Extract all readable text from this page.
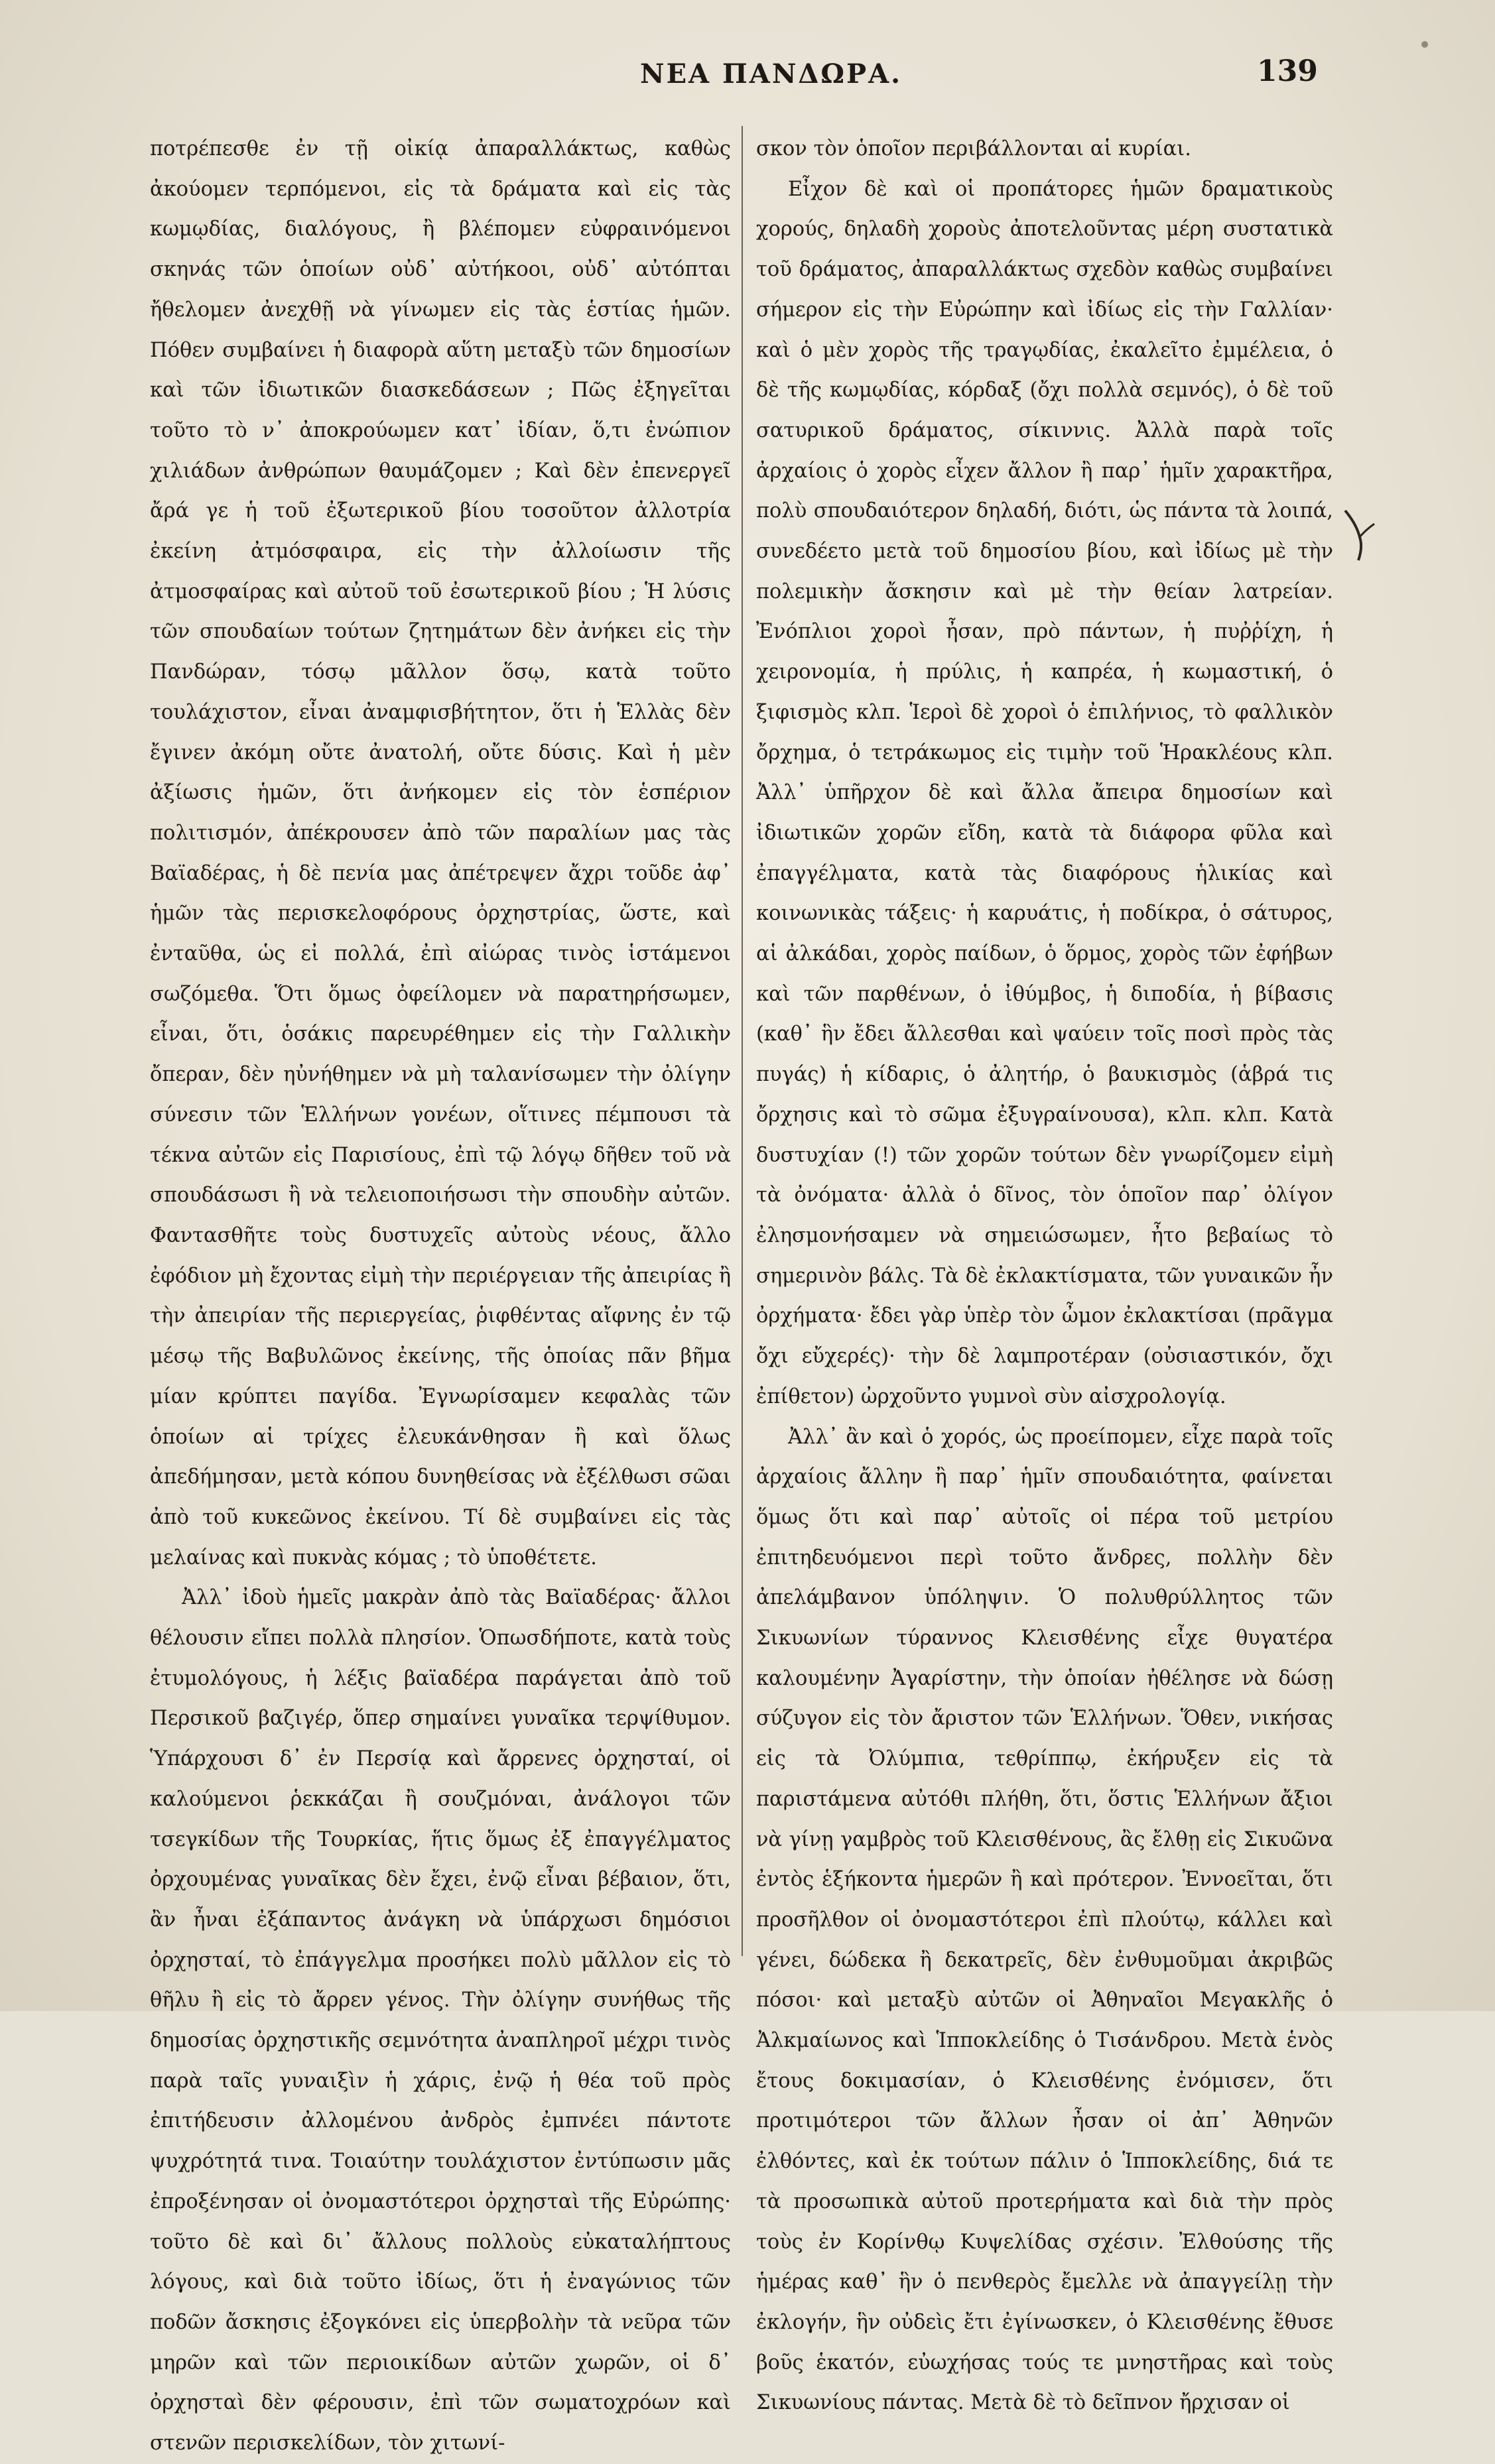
ΝΕΑ ΠΑΝΔΩΡΑ.	139

ποτρέπεσθε ἐν τῇ οἰκίᾳ ἀπαραλλάκτως, καθὼς ἀκούομεν τερπόμενοι, εἰς τὰ δράματα καὶ εἰς τὰς κωμῳδίας, διαλόγους, ἢ βλέπομεν εὐφραινόμενοι σκηνάς τῶν ὁποίων οὐδ᾽ αὐτήκοοι, οὐδ᾽ αὐτόπται ἤθελομεν ἀνεχθῇ νὰ γίνωμεν εἰς τὰς ἑστίας ἡμῶν. Πόθεν συμβαίνει ἡ διαφορὰ αὕτη μεταξὺ τῶν δημοσίων καὶ τῶν ἰδιωτικῶν διασκεδάσεων ; Πῶς ἐξηγεῖται τοῦτο τὸ ν᾽ ἀποκρούωμεν κατ᾽ ἰδίαν, ὅ,τι ἐνώπιον χιλιάδων ἀνθρώπων θαυμάζομεν ; Καὶ δὲν ἐπενεργεῖ ἄρά γε ἡ τοῦ ἐξωτερικοῦ βίου τοσοῦτον ἀλλοτρία ἐκείνη ἀτμόσφαιρα, εἰς τὴν ἀλλοίωσιν τῆς ἀτμοσφαίρας καὶ αὐτοῦ τοῦ ἐσωτερικοῦ βίου ; Ἡ λύσις τῶν σπουδαίων τούτων ζητημάτων δὲν ἀνήκει εἰς τὴν Πανδώραν, τόσῳ μᾶλλον ὅσῳ, κατὰ τοῦτο τουλάχιστον, εἶναι ἀναμφισβήτητον, ὅτι ἡ Ἑλλὰς δὲν ἔγινεν ἀκόμη οὔτε ἀνατολή, οὔτε δύσις. Καὶ ἡ μὲν ἀξίωσις ἡμῶν, ὅτι ἀνήκομεν εἰς τὸν ἑσπέριον πολιτισμόν, ἀπέκρουσεν ἀπὸ τῶν παραλίων μας τὰς Βαϊαδέρας, ἡ δὲ πενία μας ἀπέτρεψεν ἄχρι τοῦδε ἀφ᾽ ἡμῶν τὰς περισκελοφόρους ὀρχηστρίας, ὥστε, καὶ ἐνταῦθα, ὡς εἰ πολλά, ἐπὶ αἰώρας τινὸς ἱστάμενοι σωζόμεθα. Ὅτι ὅμως ὀφείλομεν νὰ παρατηρήσωμεν, εἶναι, ὅτι, ὁσάκις παρευρέθημεν εἰς τὴν Γαλλικὴν ὄπεραν, δὲν ηὐνήθημεν νὰ μὴ ταλανίσωμεν τὴν ὀλίγην σύνεσιν τῶν Ἑλλήνων γονέων, οἵτινες πέμπουσι τὰ τέκνα αὐτῶν εἰς Παρισίους, ἐπὶ τῷ λόγῳ δῆθεν τοῦ νὰ σπουδάσωσι ἢ νὰ τελειοποιήσωσι τὴν σπουδὴν αὐτῶν. Φαντασθῆτε τοὺς δυστυχεῖς αὐτοὺς νέους, ἄλλο ἐφόδιον μὴ ἔχοντας εἰμὴ τὴν περιέργειαν τῆς ἀπειρίας ἢ τὴν ἀπειρίαν τῆς περιεργείας, ῥιφθέντας αἴφνης ἐν τῷ μέσῳ τῆς Βαβυλῶνος ἐκείνης, τῆς ὁποίας πᾶν βῆμα μίαν κρύπτει παγίδα. Ἐγνωρίσαμεν κεφαλὰς τῶν ὁποίων αἱ τρίχες ἐλευκάνθησαν ἢ καὶ ὅλως ἀπεδήμησαν, μετὰ κόπου δυνηθείσας νὰ ἐξέλθωσι σῶαι ἀπὸ τοῦ κυκεῶνος ἐκείνου. Τί δὲ συμβαίνει εἰς τὰς μελαίνας καὶ πυκνὰς κόμας ; τὸ ὑποθέτετε.

Ἀλλ᾽ ἰδοὺ ἡμεῖς μακρὰν ἀπὸ τὰς Βαϊαδέρας· ἄλλοι θέλουσιν εἴπει πολλὰ πλησίον. Ὁπωσδήποτε, κατὰ τοὺς ἐτυμολόγους, ἡ λέξις βαϊαδέρα παράγεται ἀπὸ τοῦ Περσικοῦ βαζιγέρ, ὅπερ σημαίνει γυναῖκα τερψίθυμον. Ὑπάρχουσι δ᾽ ἐν Περσίᾳ καὶ ἄρρενες ὀρχησταί, οἱ καλούμενοι ῥεκκάζαι ἢ σουζμόναι, ἀνάλογοι τῶν τσεγκίδων τῆς Τουρκίας, ἥτις ὅμως ἐξ ἐπαγγέλματος ὀρχουμένας γυναῖκας δὲν ἔχει, ἐνῷ εἶναι βέβαιον, ὅτι, ἂν ἦναι ἐξάπαντος ἀνάγκη νὰ ὑπάρχωσι δημόσιοι ὀρχησταί, τὸ ἐπάγγελμα προσήκει πολὺ μᾶλλον εἰς τὸ θῆλυ ἢ εἰς τὸ ἄρρεν γένος. Τὴν ὀλίγην συνήθως τῆς δημοσίας ὀρχηστικῆς σεμνότητα ἀναπληροῖ μέχρι τινὸς παρὰ ταῖς γυναιξὶν ἡ χάρις, ἐνῷ ἡ θέα τοῦ πρὸς ἐπιτήδευσιν ἀλλομένου ἀνδρὸς ἐμπνέει πάντοτε ψυχρότητά τινα. Τοιαύτην τουλάχιστον ἐντύπωσιν μᾶς ἐπροξένησαν οἱ ὀνομαστότεροι ὀρχησταὶ τῆς Εὐρώπης· τοῦτο δὲ καὶ δι᾽ ἄλλους πολλοὺς εὐκαταλήπτους λόγους, καὶ διὰ τοῦτο ἰδίως, ὅτι ἡ ἐναγώνιος τῶν ποδῶν ἄσκησις ἐξογκόνει εἰς ὑπερβολὴν τὰ νεῦρα τῶν μηρῶν καὶ τῶν περιοικίδων αὐτῶν χωρῶν, οἱ δ᾽ ὀρχησταὶ δὲν φέρουσιν, ἐπὶ τῶν σωματοχρόων καὶ στενῶν περισκελίδων, τὸν χιτωνί-

σκον τὸν ὁποῖον περιβάλλονται αἱ κυρίαι.

Εἶχον δὲ καὶ οἱ προπάτορες ἡμῶν δραματικοὺς χορούς, δηλαδὴ χοροὺς ἀποτελοῦντας μέρη συστατικὰ τοῦ δράματος, ἀπαραλλάκτως σχεδὸν καθὼς συμβαίνει σήμερον εἰς τὴν Εὐρώπην καὶ ἰδίως εἰς τὴν Γαλλίαν· καὶ ὁ μὲν χορὸς τῆς τραγῳδίας, ἐκαλεῖτο ἐμμέλεια, ὁ δὲ τῆς κωμῳδίας, κόρδαξ (ὄχι πολλὰ σεμνός), ὁ δὲ τοῦ σατυρικοῦ δράματος, σίκιννις. Ἀλλὰ παρὰ τοῖς ἀρχαίοις ὁ χορὸς εἶχεν ἄλλον ἢ παρ᾽ ἡμῖν χαρακτῆρα, πολὺ σπουδαιότερον δηλαδή, διότι, ὡς πάντα τὰ λοιπά, συνεδέετο μετὰ τοῦ δημοσίου βίου, καὶ ἰδίως μὲ τὴν πολεμικὴν ἄσκησιν καὶ μὲ τὴν θείαν λατρείαν. Ἐνόπλιοι χοροὶ ἦσαν, πρὸ πάντων, ἡ πυῤῥίχη, ἡ χειρονομία, ἡ πρύλις, ἡ καπρέα, ἡ κωμαστική, ὁ ξιφισμὸς κλπ. Ἱεροὶ δὲ χοροὶ ὁ ἐπιλήνιος, τὸ φαλλικὸν ὄρχημα, ὁ τετράκωμος εἰς τιμὴν τοῦ Ἡρακλέους κλπ. Ἀλλ᾽ ὑπῆρχον δὲ καὶ ἄλλα ἄπειρα δημοσίων καὶ ἰδιωτικῶν χορῶν εἴδη, κατὰ τὰ διάφορα φῦλα καὶ ἐπαγγέλματα, κατὰ τὰς διαφόρους ἡλικίας καὶ κοινωνικὰς τάξεις· ἡ καρυάτις, ἡ ποδίκρα, ὁ σάτυρος, αἱ ἀλκάδαι, χορὸς παίδων, ὁ ὅρμος, χορὸς τῶν ἐφήβων καὶ τῶν παρθένων, ὁ ἰθύμβος, ἡ διποδία, ἡ βίβασις (καθ᾽ ἣν ἔδει ἄλλεσθαι καὶ ψαύειν τοῖς ποσὶ πρὸς τὰς πυγάς) ἡ κίδαρις, ὁ ἀλητήρ, ὁ βαυκισμὸς (ἁβρά τις ὄρχησις καὶ τὸ σῶμα ἐξυγραίνουσα), κλπ. κλπ. Κατὰ δυστυχίαν (!) τῶν χορῶν τούτων δὲν γνωρίζομεν εἰμὴ τὰ ὀνόματα· ἀλλὰ ὁ δῖνος, τὸν ὁποῖον παρ᾽ ὀλίγον ἐλησμονήσαμεν νὰ σημειώσωμεν, ἦτο βεβαίως τὸ σημερινὸν βάλς. Τὰ δὲ ἐκλακτίσματα, τῶν γυναικῶν ἦν ὀρχήματα· ἔδει γὰρ ὑπὲρ τὸν ὦμον ἐκλακτίσαι (πρᾶγμα ὄχι εὔχερές)· τὴν δὲ λαμπροτέραν (οὐσιαστικόν, ὄχι ἐπίθετον) ὠρχοῦντο γυμνοὶ σὺν αἰσχρολογίᾳ.

Ἀλλ᾽ ἂν καὶ ὁ χορός, ὡς προείπομεν, εἶχε παρὰ τοῖς ἀρχαίοις ἄλλην ἢ παρ᾽ ἡμῖν σπουδαιότητα, φαίνεται ὅμως ὅτι καὶ παρ᾽ αὐτοῖς οἱ πέρα τοῦ μετρίου ἐπιτηδευόμενοι περὶ τοῦτο ἄνδρες, πολλὴν δὲν ἀπελάμβανον ὑπόληψιν. Ὁ πολυθρύλλητος τῶν Σικυωνίων τύραννος Κλεισθένης εἶχε θυγατέρα καλουμένην Ἀγαρίστην, τὴν ὁποίαν ἠθέλησε νὰ δώσῃ σύζυγον εἰς τὸν ἄριστον τῶν Ἑλλήνων. Ὅθεν, νικήσας εἰς τὰ Ὀλύμπια, τεθρίππῳ, ἐκήρυξεν εἰς τὰ παριστάμενα αὐτόθι πλήθη, ὅτι, ὅστις Ἑλλήνων ἄξιοι νὰ γίνῃ γαμβρὸς τοῦ Κλεισθένους, ἂς ἔλθῃ εἰς Σικυῶνα ἐντὸς ἑξήκοντα ἡμερῶν ἢ καὶ πρότερον. Ἐννοεῖται, ὅτι προσῆλθον οἱ ὀνομαστότεροι ἐπὶ πλούτῳ, κάλλει καὶ γένει, δώδεκα ἢ δεκατρεῖς, δὲν ἐνθυμοῦμαι ἀκριβῶς πόσοι· καὶ μεταξὺ αὐτῶν οἱ Ἀθηναῖοι Μεγακλῆς ὁ Ἀλκμαίωνος καὶ Ἱπποκλείδης ὁ Τισάνδρου. Μετὰ ἑνὸς ἔτους δοκιμασίαν, ὁ Κλεισθένης ἐνόμισεν, ὅτι προτιμότεροι τῶν ἄλλων ἦσαν οἱ ἀπ᾽ Ἀθηνῶν ἐλθόντες, καὶ ἐκ τούτων πάλιν ὁ Ἱπποκλείδης, διά τε τὰ προσωπικὰ αὐτοῦ προτερήματα καὶ διὰ τὴν πρὸς τοὺς ἐν Κορίνθῳ Κυψελίδας σχέσιν. Ἐλθούσης τῆς ἡμέρας καθ᾽ ἣν ὁ πενθερὸς ἔμελλε νὰ ἀπαγγείλῃ τὴν ἐκλογήν, ἣν οὐδεὶς ἔτι ἐγίνωσκεν, ὁ Κλεισθένης ἔθυσε βοῦς ἑκατόν, εὐωχήσας τούς τε μνηστῆρας καὶ τοὺς Σικυωνίους πάντας. Μετὰ δὲ τὸ δεῖπνον ἤρχισαν οἱ
